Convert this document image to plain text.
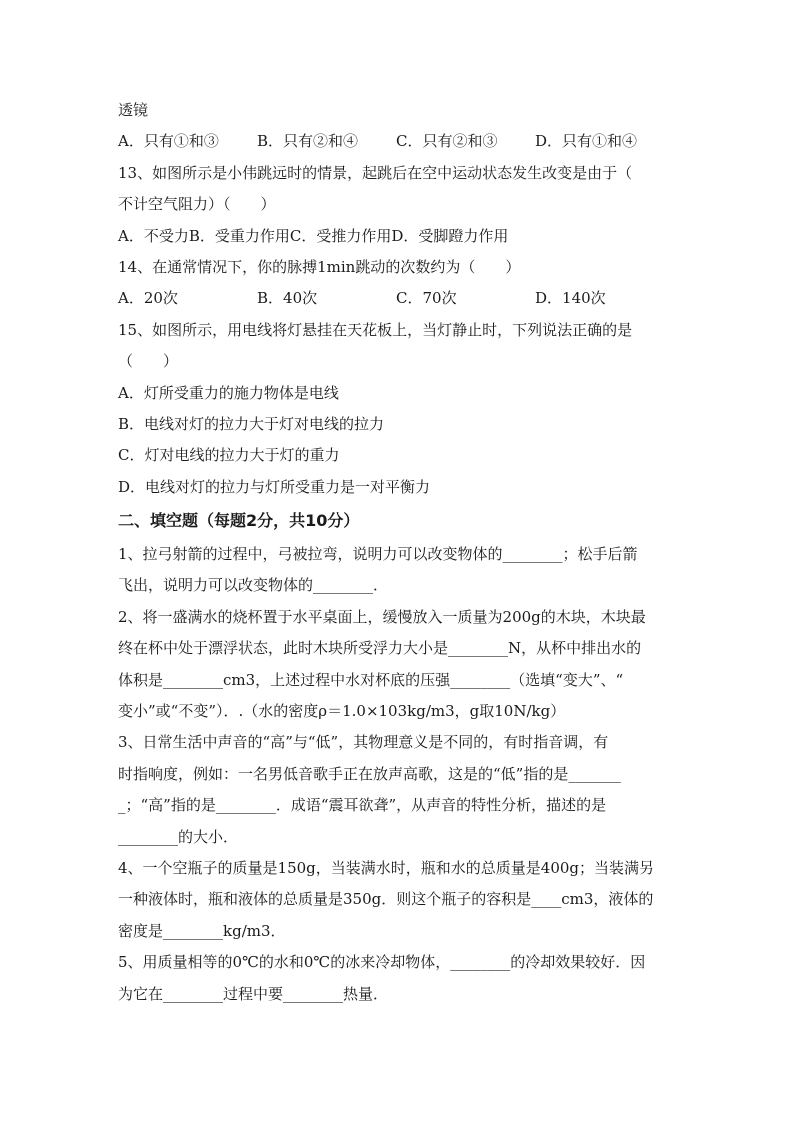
透镜
A．只有①和③	B．只有②和④	C．只有②和③	D．只有①和④
13、如图所示是小伟跳远时的情景，起跳后在空中运动状态发生改变是由于（
不计空气阻力）（　　）
A．不受力B．受重力作用C．受推力作用D．受脚蹬力作用
14、在通常情况下，你的脉搏1min跳动的次数约为（　　）
A．20次	B．40次	C．70次	D．140次
15、如图所示，用电线将灯悬挂在天花板上，当灯静止时，下列说法正确的是
（　　）
A．灯所受重力的施力物体是电线
B．电线对灯的拉力大于灯对电线的拉力
C．灯对电线的拉力大于灯的重力
D．电线对灯的拉力与灯所受重力是一对平衡力
二、填空题（每题2分，共10分）
1、拉弓射箭的过程中，弓被拉弯，说明力可以改变物体的________；松手后箭
飞出，说明力可以改变物体的________．
2、将一盛满水的烧杯置于水平桌面上，缓慢放入一质量为200g的木块，木块最
终在杯中处于漂浮状态，此时木块所受浮力大小是________N，从杯中排出水的
体积是________cm3，上述过程中水对杯底的压强________（选填“变大”、“
变小”或“不变”）．.（水的密度ρ＝1.0×103kg/m3，g取10N/kg）
3、日常生活中声音的“高”与“低”，其物理意义是不同的，有时指音调，有
时指响度，例如：一名男低音歌手正在放声高歌，这是的“低”指的是_______
_；“高”指的是________．成语“震耳欲聋”，从声音的特性分析，描述的是
________的大小．
4、一个空瓶子的质量是150g，当装满水时，瓶和水的总质量是400g；当装满另
一种液体时，瓶和液体的总质量是350g．则这个瓶子的容积是____cm3，液体的
密度是________kg/m3．
5、用质量相等的0℃的水和0℃的冰来冷却物体，________的冷却效果较好．因
为它在________过程中要________热量．
